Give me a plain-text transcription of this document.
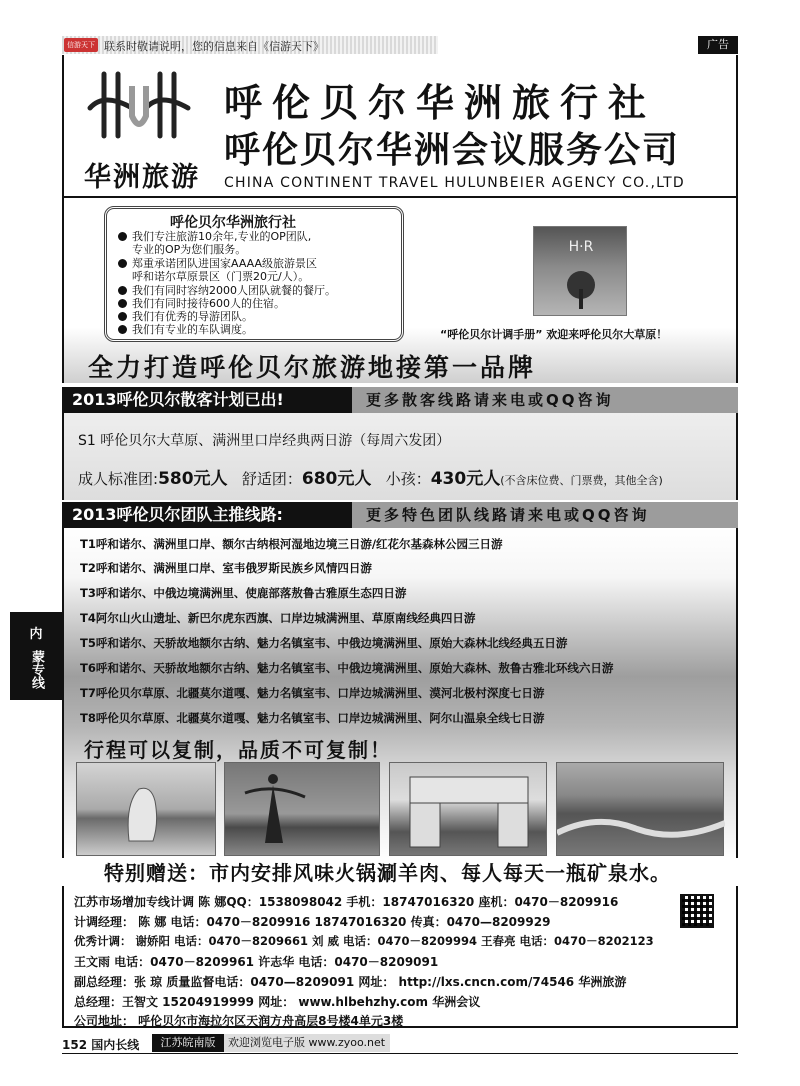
信游天下 联系时敬请说明，您的信息来自《信游天下》	广告
华洲旅游
呼伦贝尔华洲旅行社
呼伦贝尔华洲会议服务公司
CHINA CONTINENT TRAVEL HULUNBEIER AGENCY CO.,LTD
呼伦贝尔华洲旅行社
我们专注旅游10余年,专业的OP团队,
专业的OP为您们服务。
郑重承诺团队进国家AAAA级旅游景区
呼和诺尔草原景区（门票20元/人）。
我们有同时容纳2000人团队就餐的餐厅。
我们有同时接待600人的住宿。
我们有优秀的导游团队。
我们有专业的车队调度。
H·R
“呼伦贝尔计调手册” 欢迎来呼伦贝尔大草原！
全力打造呼伦贝尔旅游地接第一品牌
2013呼伦贝尔散客计划已出!	更多散客线路请来电或QQ咨询
S1 呼伦贝尔大草原、满洲里口岸经典两日游（每周六发团）
成人标准团:580元人 舒适团：680元人 小孩：430元人(不含床位费、门票费，其他全含)
2013呼伦贝尔团队主推线路:	更多特色团队线路请来电或QQ咨询
T1呼和诺尔、满洲里口岸、额尔古纳根河湿地边境三日游/红花尔基森林公园三日游
T2呼和诺尔、满洲里口岸、室韦俄罗斯民族乡风情四日游
T3呼和诺尔、中俄边境满洲里、使鹿部落敖鲁古雅原生态四日游
T4阿尔山火山遗址、新巴尔虎东西旗、口岸边城满洲里、草原南线经典四日游
T5呼和诺尔、天骄故地额尔古纳、魅力名镇室韦、中俄边境满洲里、原始大森林北线经典五日游
T6呼和诺尔、天骄故地额尔古纳、魅力名镇室韦、中俄边境满洲里、原始大森林、敖鲁古雅北环线六日游
T7呼伦贝尔草原、北疆莫尔道嘎、魅力名镇室韦、口岸边城满洲里、漠河北极村深度七日游
T8呼伦贝尔草原、北疆莫尔道嘎、魅力名镇室韦、口岸边城满洲里、阿尔山温泉全线七日游
行程可以复制，品质不可复制！
特别赠送：市内安排风味火锅涮羊肉、每人每天一瓶矿泉水。
江苏市场增加专线计调 陈 娜QQ：1538098042 手机：18747016320 座机：0470－8209916
计调经理： 陈 娜 电话：0470－8209916 18747016320 传真：0470—8209929
优秀计调： 谢娇阳 电话：0470－8209661 刘 威 电话：0470－8209994 王春亮 电话：0470－8202123
王文雨 电话：0470－8209961 许志华 电话：0470－8209091
副总经理：张 琼 质量监督电话：0470—8209091 网址： http://lxs.cncn.com/74546 华洲旅游
总经理：王智文 15204919999 网址： www.hlbehzhy.com 华洲会议
公司地址： 呼伦贝尔市海拉尔区天润方舟高层8号楼4单元3楼
内
蒙专线
152 国内长线	江苏皖南版	欢迎浏览电子版 www.zyoo.net
